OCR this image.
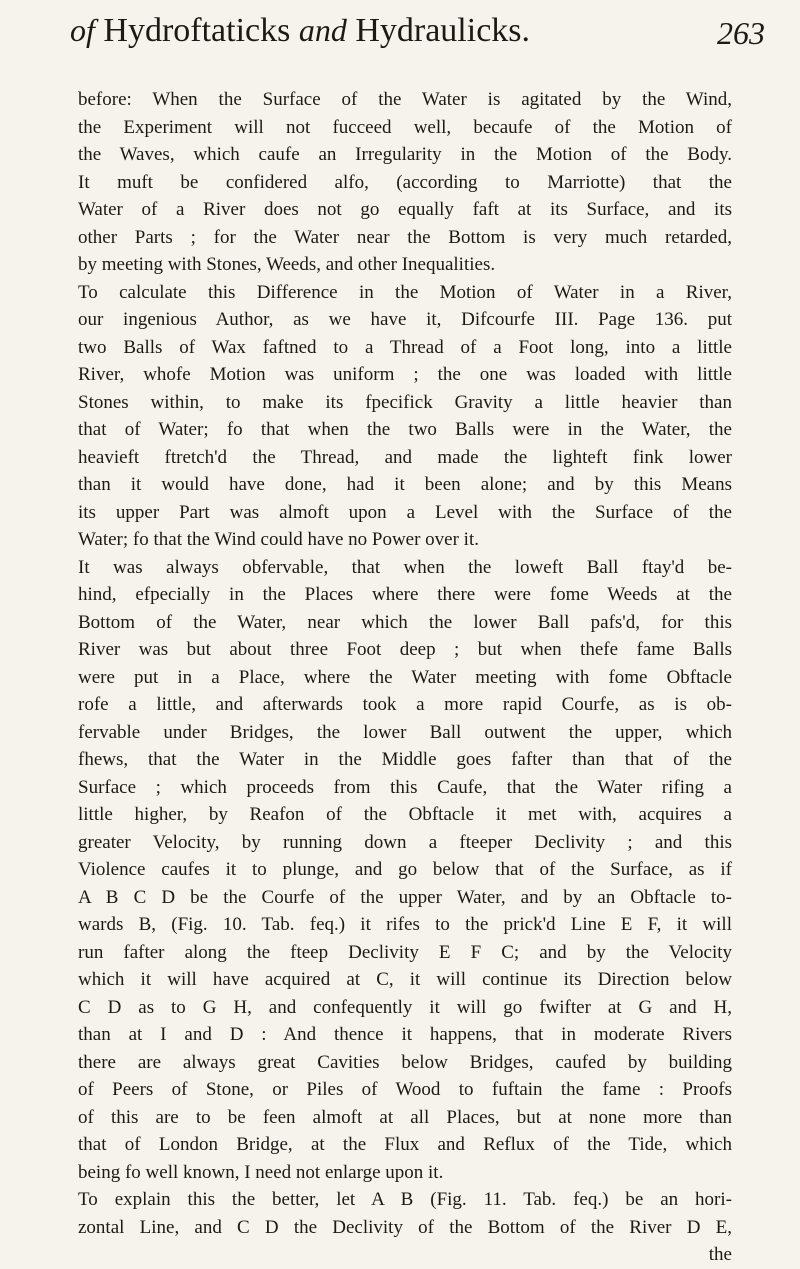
of Hydroftaticks and Hydraulicks.	263
before: When the Surface of the Water is agitated by the Wind,
the Experiment will not fucceed well, becaufe of the Motion of
the Waves, which caufe an Irregularity in the Motion of the Body.
It muft be confidered alfo, (according to Marriotte) that the
Water of a River does not go equally faft at its Surface, and its
other Parts ; for the Water near the Bottom is very much retarded,
by meeting with Stones, Weeds, and other Inequalities.
To calculate this Difference in the Motion of Water in a River,
our ingenious Author, as we have it, Difcourfe III. Page 136. put
two Balls of Wax faftned to a Thread of a Foot long, into a little
River, whofe Motion was uniform ; the one was loaded with little
Stones within, to make its fpecifick Gravity a little heavier than
that of Water; fo that when the two Balls were in the Water, the
heavieft ftretch'd the Thread, and made the lighteft fink lower
than it would have done, had it been alone; and by this Means
its upper Part was almoft upon a Level with the Surface of the
Water; fo that the Wind could have no Power over it.
It was always obfervable, that when the loweft Ball ftay'd be-
hind, efpecially in the Places where there were fome Weeds at the
Bottom of the Water, near which the lower Ball pafs'd, for this
River was but about three Foot deep ; but when thefe fame Balls
were put in a Place, where the Water meeting with fome Obftacle
rofe a little, and afterwards took a more rapid Courfe, as is ob-
fervable under Bridges, the lower Ball outwent the upper, which
fhews, that the Water in the Middle goes fafter than that of the
Surface ; which proceeds from this Caufe, that the Water rifing a
little higher, by Reafon of the Obftacle it met with, acquires a
greater Velocity, by running down a fteeper Declivity ; and this
Violence caufes it to plunge, and go below that of the Surface, as if
A B C D be the Courfe of the upper Water, and by an Obftacle to-
wards B, (Fig. 10. Tab. feq.) it rifes to the prick'd Line E F, it will
run fafter along the fteep Declivity E F C; and by the Velocity
which it will have acquired at C, it will continue its Direction below
C D as to G H, and confequently it will go fwifter at G and H,
than at I and D : And thence it happens, that in moderate Rivers
there are always great Cavities below Bridges, caufed by building
of Peers of Stone, or Piles of Wood to fuftain the fame : Proofs
of this are to be feen almoft at all Places, but at none more than
that of London Bridge, at the Flux and Reflux of the Tide, which
being fo well known, I need not enlarge upon it.
To explain this the better, let A B (Fig. 11. Tab. feq.) be an hori-
zontal Line, and C D the Declivity of the Bottom of the River D E,
the
